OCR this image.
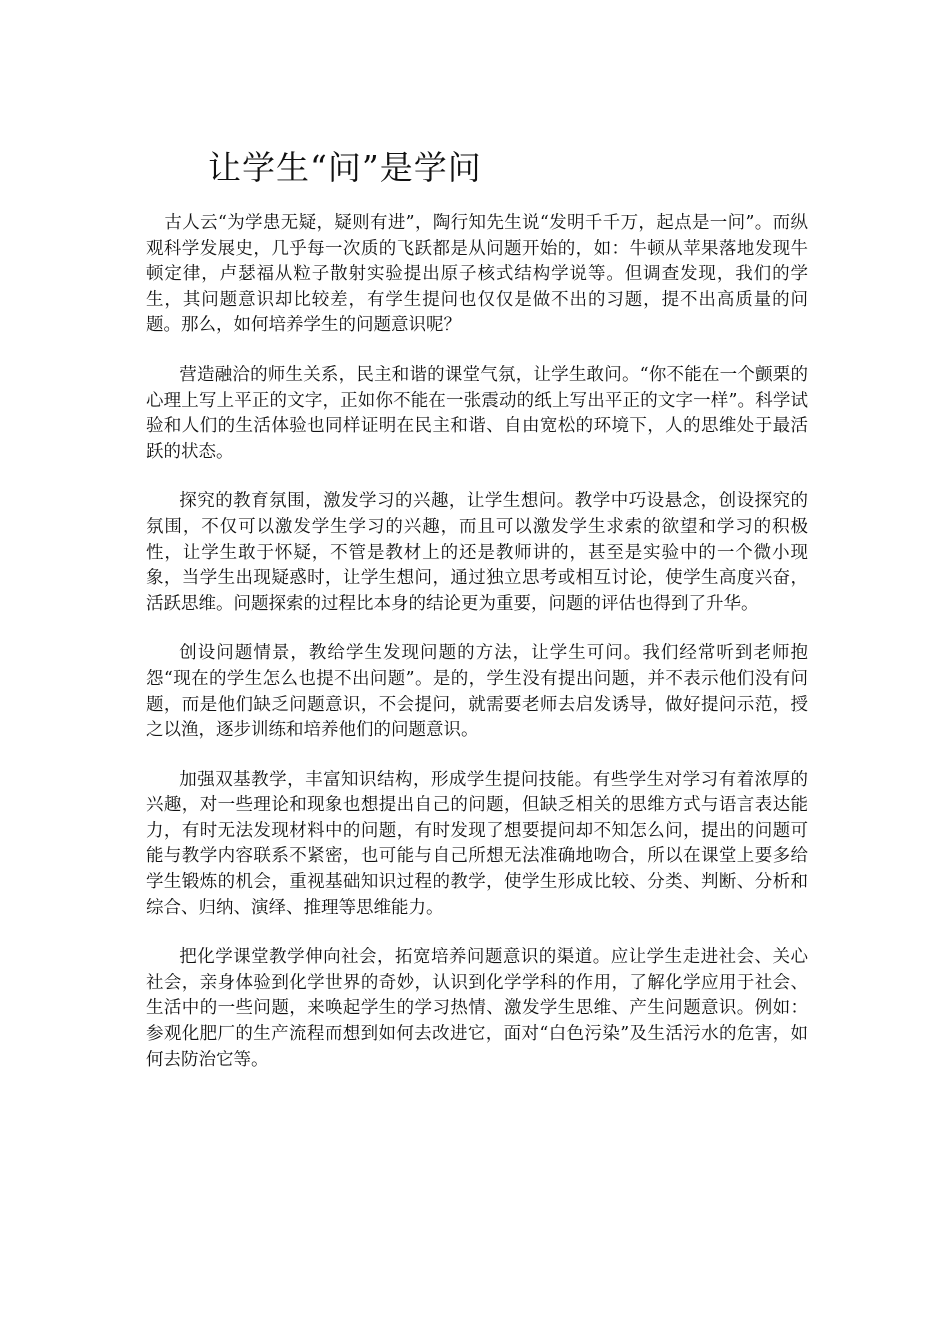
让学生“问”是学问

古人云“为学患无疑，疑则有进”，陶行知先生说“发明千千万，起点是一问”。而纵观科学发展史，几乎每一次质的飞跃都是从问题开始的，如：牛顿从苹果落地发现牛顿定律，卢瑟福从粒子散射实验提出原子核式结构学说等。但调查发现，我们的学生，其问题意识却比较差，有学生提问也仅仅是做不出的习题，提不出高质量的问题。那么，如何培养学生的问题意识呢？

营造融洽的师生关系，民主和谐的课堂气氛，让学生敢问。“你不能在一个颤栗的心理上写上平正的文字，正如你不能在一张震动的纸上写出平正的文字一样”。科学试验和人们的生活体验也同样证明在民主和谐、自由宽松的环境下，人的思维处于最活跃的状态。

探究的教育氛围，激发学习的兴趣，让学生想问。教学中巧设悬念，创设探究的氛围，不仅可以激发学生学习的兴趣，而且可以激发学生求索的欲望和学习的积极性，让学生敢于怀疑，不管是教材上的还是教师讲的，甚至是实验中的一个微小现象，当学生出现疑惑时，让学生想问，通过独立思考或相互讨论，使学生高度兴奋，活跃思维。问题探索的过程比本身的结论更为重要，问题的评估也得到了升华。

创设问题情景，教给学生发现问题的方法，让学生可问。我们经常听到老师抱怨“现在的学生怎么也提不出问题”。是的，学生没有提出问题，并不表示他们没有问题，而是他们缺乏问题意识，不会提问，就需要老师去启发诱导，做好提问示范，授之以渔，逐步训练和培养他们的问题意识。

加强双基教学，丰富知识结构，形成学生提问技能。有些学生对学习有着浓厚的兴趣，对一些理论和现象也想提出自己的问题，但缺乏相关的思维方式与语言表达能力，有时无法发现材料中的问题，有时发现了想要提问却不知怎么问，提出的问题可能与教学内容联系不紧密，也可能与自己所想无法准确地吻合，所以在课堂上要多给学生锻炼的机会，重视基础知识过程的教学，使学生形成比较、分类、判断、分析和综合、归纳、演绎、推理等思维能力。

把化学课堂教学伸向社会，拓宽培养问题意识的渠道。应让学生走进社会、关心社会，亲身体验到化学世界的奇妙，认识到化学学科的作用，了解化学应用于社会、生活中的一些问题，来唤起学生的学习热情、激发学生思维、产生问题意识。例如：参观化肥厂的生产流程而想到如何去改进它，面对“白色污染”及生活污水的危害，如何去防治它等。
